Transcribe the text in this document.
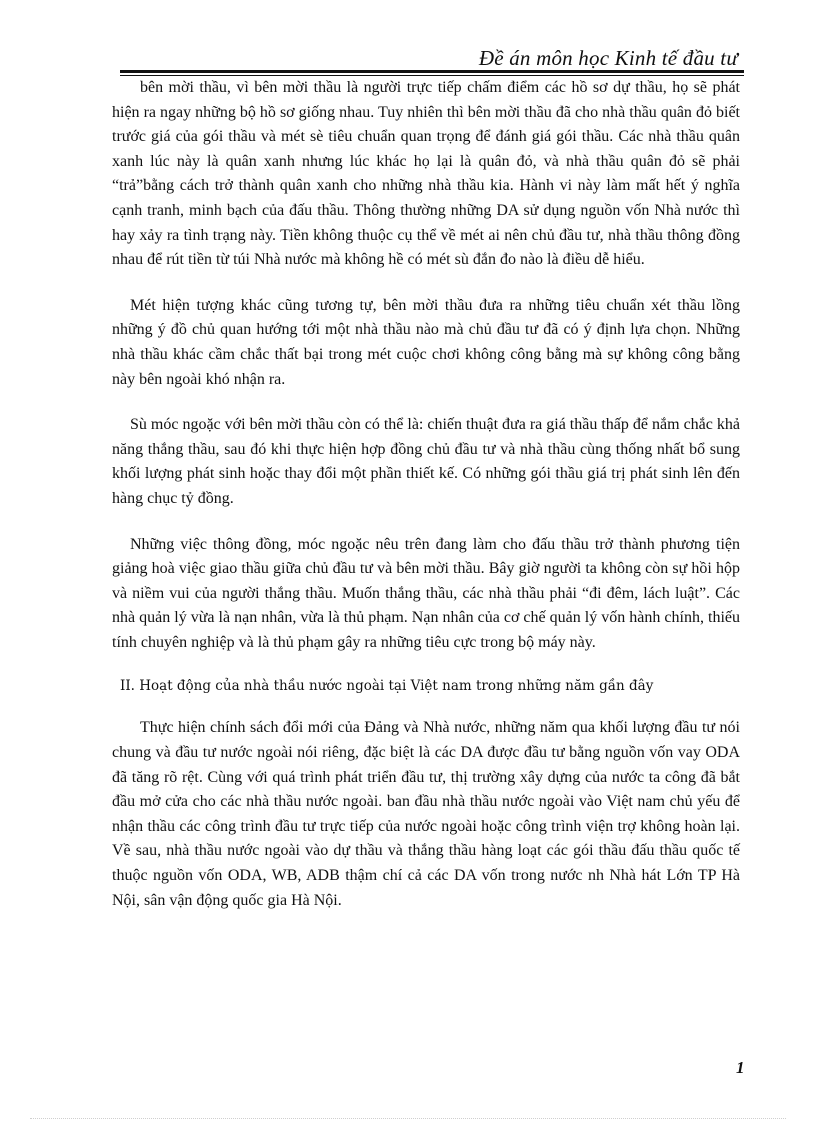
Đề án môn học Kinh tế đầu tư

bên mời thầu, vì bên mời thầu là người trực tiếp chấm điểm các hồ sơ dự thầu, họ sẽ phát hiện ra ngay những bộ hồ sơ giống nhau. Tuy nhiên thì bên mời thầu đã cho nhà thầu quân đỏ biết trước giá của gói thầu và mét sè tiêu chuẩn quan trọng để đánh giá gói thầu. Các nhà thầu quân xanh lúc này là quân xanh nhưng lúc khác họ lại là quân đỏ, và nhà thầu quân đỏ sẽ phải “trả”bằng cách trở thành quân xanh cho những nhà thầu kia. Hành vi này làm mất hết ý nghĩa cạnh tranh, minh bạch của đấu thầu. Thông thường những DA sử dụng nguồn vốn Nhà nước thì hay xảy ra tình trạng này. Tiền không thuộc cụ thể về mét ai nên chủ đầu tư, nhà thầu thông đồng nhau để rút tiền từ túi Nhà nước mà không hề có mét sù đắn đo nào là điều dễ hiểu.

Mét hiện tượng khác cũng tương tự, bên mời thầu đưa ra những tiêu chuẩn xét thầu lồng những ý đồ chủ quan hướng tới một nhà thầu nào mà chủ đầu tư đã có ý định lựa chọn. Những nhà thầu khác cầm chắc thất bại trong mét cuộc chơi không công bằng mà sự không công bằng này bên ngoài khó nhận ra.

Sù móc ngoặc với bên mời thầu còn có thể là: chiến thuật đưa ra giá thầu thấp để nắm chắc khả năng thắng thầu, sau đó khi thực hiện hợp đồng chủ đầu tư và nhà thầu cùng thống nhất bổ sung khối lượng phát sinh hoặc thay đổi một phần thiết kế. Có những gói thầu giá trị phát sinh lên đến hàng chục tỷ đồng.

Những việc thông đồng, móc ngoặc nêu trên đang làm cho đấu thầu trở thành phương tiện giảng hoà việc giao thầu giữa chủ đầu tư và bên mời thầu. Bây giờ người ta không còn sự hồi hộp và niềm vui của người thắng thầu. Muốn thắng thầu, các nhà thầu phải “đi đêm, lách luật”. Các nhà quản lý vừa là nạn nhân, vừa là thủ phạm. Nạn nhân của cơ chế quản lý vốn hành chính, thiếu tính chuyên nghiệp và là thủ phạm gây ra những tiêu cực trong bộ máy này.

II. Hoạt động của nhà thầu nước ngoài tại Việt nam trong những năm gần đây

Thực hiện chính sách đổi mới của Đảng và Nhà nước, những năm qua khối lượng đầu tư nói chung và đầu tư nước ngoài nói riêng, đặc biệt là các DA được đầu tư bằng nguồn vốn vay ODA đã tăng rõ rệt. Cùng với quá trình phát triển đầu tư, thị trường xây dựng của nước ta công đã bắt đầu mở cửa cho các nhà thầu nước ngoài. ban đầu nhà thầu nước ngoài vào Việt nam chủ yếu để nhận thầu các công trình đầu tư trực tiếp của nước ngoài hoặc công trình viện trợ không hoàn lại. Về sau, nhà thầu nước ngoài vào dự thầu và thắng thầu hàng loạt các gói thầu đấu thầu quốc tế thuộc nguồn vốn ODA, WB, ADB thậm chí cả các DA vốn trong nước nh Nhà hát Lớn TP Hà Nội, sân vận động quốc gia Hà Nội.

1
